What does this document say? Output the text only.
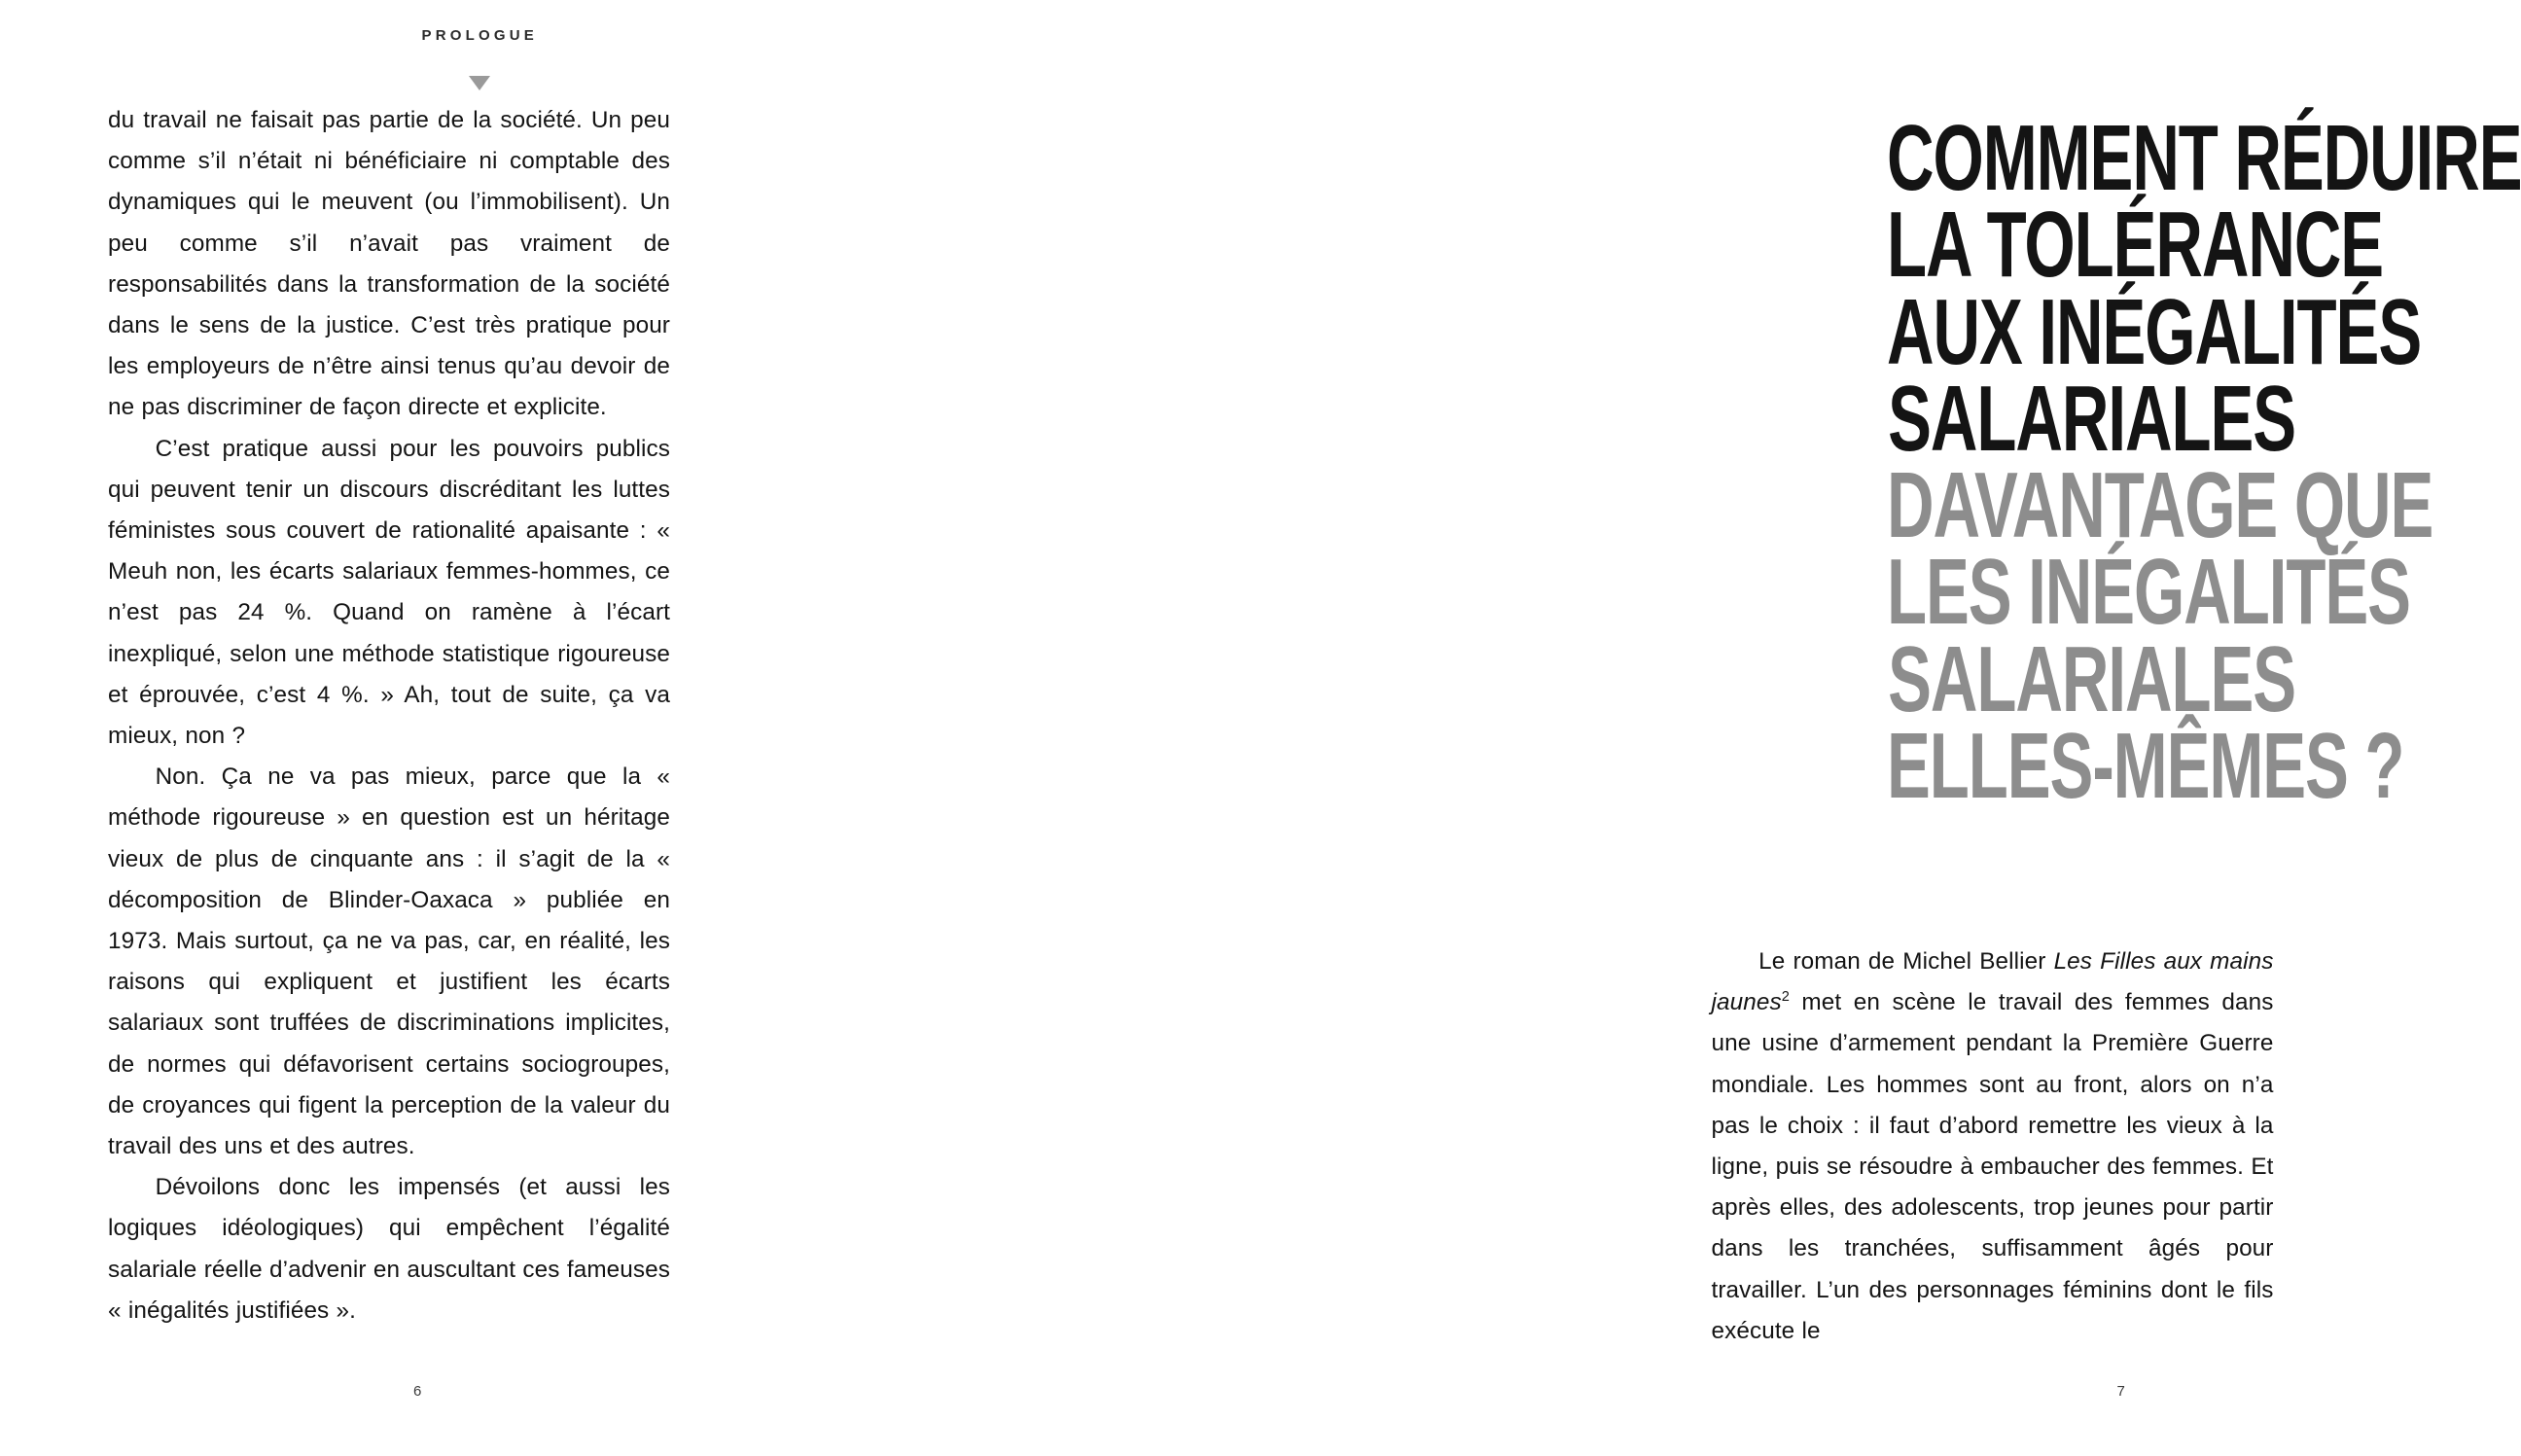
PROLOGUE

du travail ne faisait pas partie de la société. Un peu comme s’il n’était ni bénéficiaire ni comptable des dynamiques qui le meuvent (ou l’immobilisent). Un peu comme s’il n’avait pas vraiment de responsabilités dans la transformation de la société dans le sens de la justice. C’est très pratique pour les employeurs de n’être ainsi tenus qu’au devoir de ne pas discriminer de façon directe et explicite.

C’est pratique aussi pour les pouvoirs publics qui peuvent tenir un discours discréditant les luttes féministes sous couvert de rationalité apaisante : « Meuh non, les écarts salariaux femmes-hommes, ce n’est pas 24 %. Quand on ramène à l’écart inexpliqué, selon une méthode statistique rigoureuse et éprouvée, c’est 4 %. » Ah, tout de suite, ça va mieux, non ?

Non. Ça ne va pas mieux, parce que la « méthode rigoureuse » en question est un héritage vieux de plus de cinquante ans : il s’agit de la « décomposition de Blinder-Oaxaca » publiée en 1973. Mais surtout, ça ne va pas, car, en réalité, les raisons qui expliquent et justifient les écarts salariaux sont truffées de discriminations implicites, de normes qui défavorisent certains sociogroupes, de croyances qui figent la perception de la valeur du travail des uns et des autres.

Dévoilons donc les impensés (et aussi les logiques idéologiques) qui empêchent l’égalité salariale réelle d’advenir en auscultant ces fameuses « inégalités justifiées ».

6
COMMENT RÉDUIRE
LA TOLÉRANCE
AUX INÉGALITÉS
SALARIALES
DAVANTAGE QUE
LES INÉGALITÉS
SALARIALES
ELLES-MÊMES ?

Le roman de Michel Bellier Les Filles aux mains jaunes$^2$ met en scène le travail des femmes dans une usine d’armement pendant la Première Guerre mondiale. Les hommes sont au front, alors on n’a pas le choix : il faut d’abord remettre les vieux à la ligne, puis se résoudre à embaucher des femmes. Et après elles, des adolescents, trop jeunes pour partir dans les tranchées, suffisamment âgés pour travailler. L’un des personnages féminins dont le fils exécute le

7
